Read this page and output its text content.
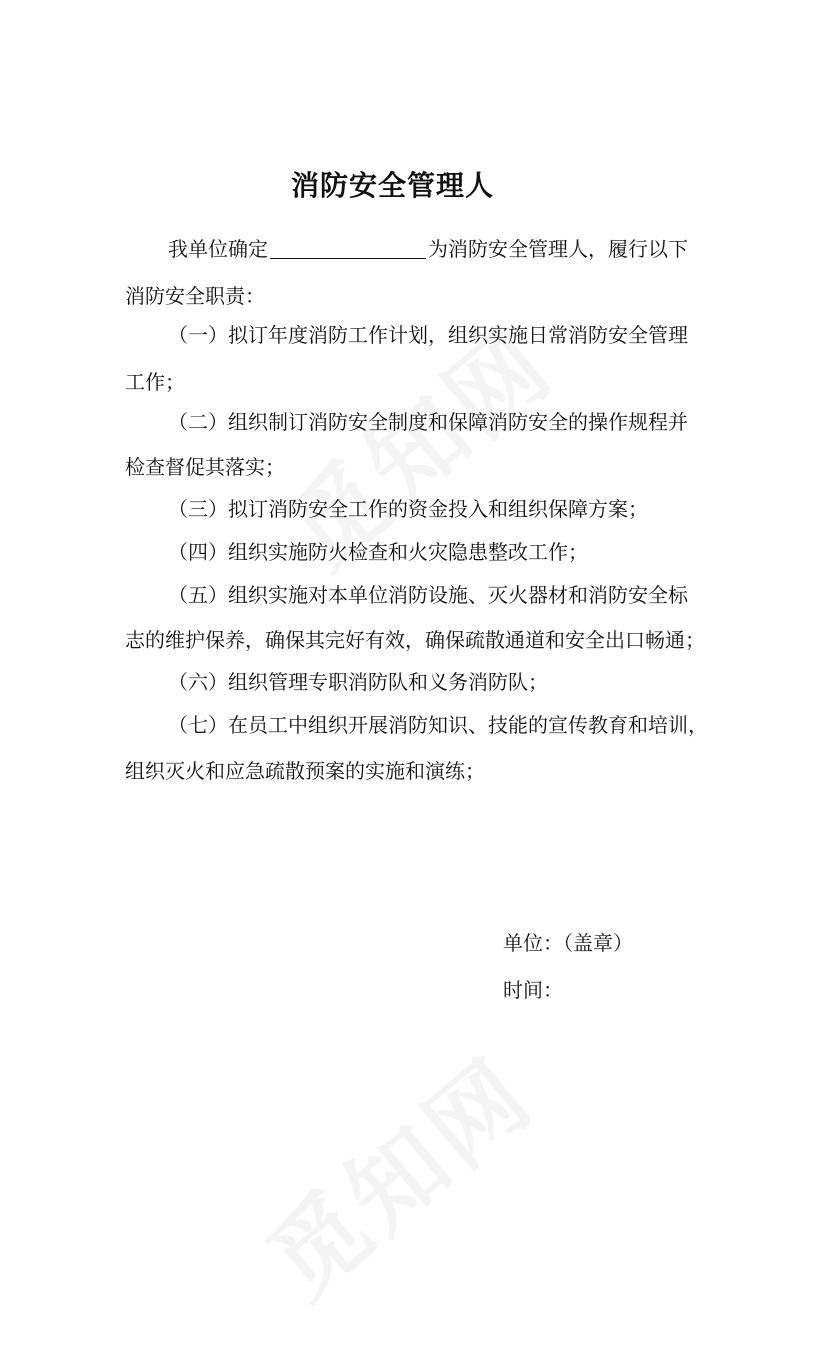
消防安全管理人
我单位确定	为消防安全管理人，履行以下
消防安全职责：
（一）拟订年度消防工作计划，组织实施日常消防安全管理
工作；
（二）组织制订消防安全制度和保障消防安全的操作规程并
检查督促其落实；
（三）拟订消防安全工作的资金投入和组织保障方案；
（四）组织实施防火检查和火灾隐患整改工作；
（五）组织实施对本单位消防设施、灭火器材和消防安全标
志的维护保养，确保其完好有效，确保疏散通道和安全出口畅通；
（六）组织管理专职消防队和义务消防队；
（七）在员工中组织开展消防知识、技能的宣传教育和培训，
组织灭火和应急疏散预案的实施和演练；
单位：（盖章）
时间：
